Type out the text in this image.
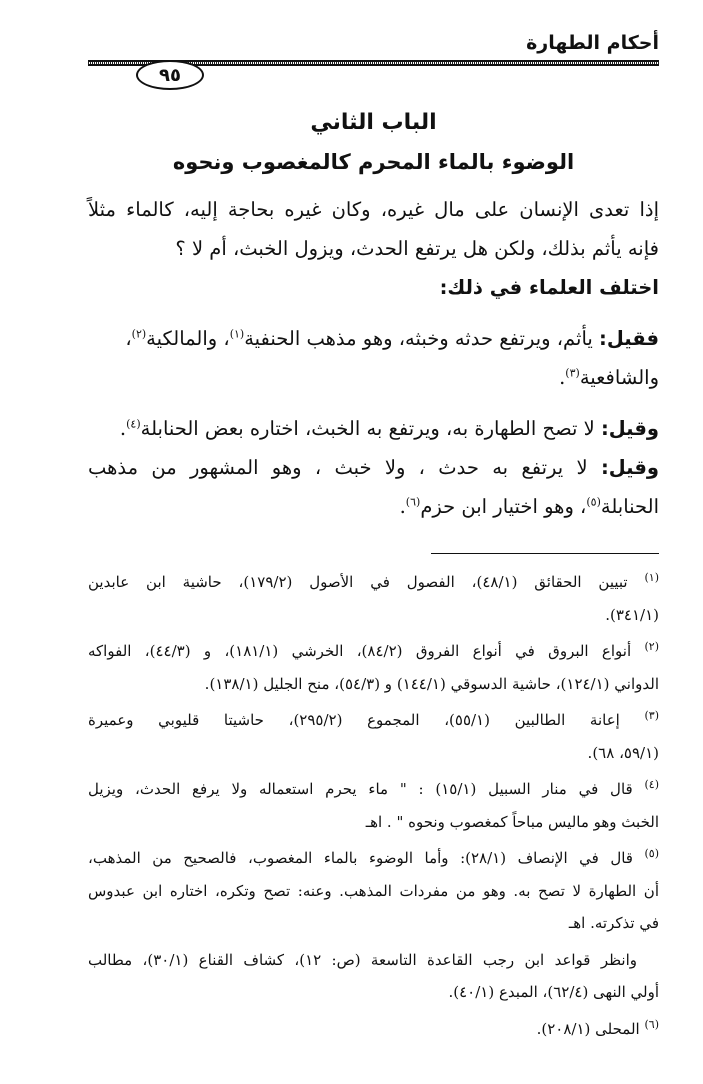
أحكام الطهارة
٩٥
الباب الثاني
الوضوء بالماء المحرم كالمغصوب ونحوه

إذا تعدى الإنسان على مال غيره، وكان غيره بحاجة إليه، كالماء مثلاً

فإنه يأثم بذلك، ولكن هل يرتفع الحدث، ويزول الخبث، أم لا ؟

اختلف العلماء في ذلك:

فقيل: يأثم، ويرتفع حدثه وخبثه، وهو مذهب الحنفية$^{(١)}$، والمالكية$^{(٢)}$،

والشافعية$^{(٣)}$.

وقيل: لا تصح الطهارة به، ويرتفع به الخبث، اختاره بعض الحنابلة$^{(٤)}$.

وقيل: لا يرتفع به حدث ، ولا خبث ، وهو المشهور من مذهب

الحنابلة$^{(٥)}$، وهو اختيار ابن حزم$^{(٦)}$.

$^{(١)}$ تبيين الحقائق (٤٨/١)، الفصول في الأصول (١٧٩/٢)، حاشية ابن عابدين

(٣٤١/١).

$^{(٢)}$ أنواع البروق في أنواع الفروق (٨٤/٢)، الخرشي (١٨١/١)، و (٤٤/٣)، الفواكه

الدواني (١٢٤/١)، حاشية الدسوقي (١٤٤/١) و (٥٤/٣)، منح الجليل (١٣٨/١).

$^{(٣)}$ إعانة الطالبين (٥٥/١)، المجموع (٢٩٥/٢)، حاشيتا قليوبي وعميرة

(٥٩/١، ٦٨).

$^{(٤)}$ قال في منار السبيل (١٥/١) : " ماء يحرم استعماله ولا يرفع الحدث، ويزيل

الخبث وهو ماليس مباحاً كمغصوب ونحوه " . اهـ

$^{(٥)}$ قال في الإنصاف (٢٨/١): وأما الوضوء بالماء المغصوب، فالصحيح من المذهب،

أن الطهارة لا تصح به. وهو من مفردات المذهب. وعنه: تصح وتكره، اختاره ابن عبدوس

في تذكرته. اهـ

وانظر قواعد ابن رجب القاعدة التاسعة (ص: ١٢)، كشاف القناع (٣٠/١)، مطالب

أولي النهى (٦٢/٤)، المبدع (٤٠/١).

$^{(٦)}$ المحلى (٢٠٨/١).
